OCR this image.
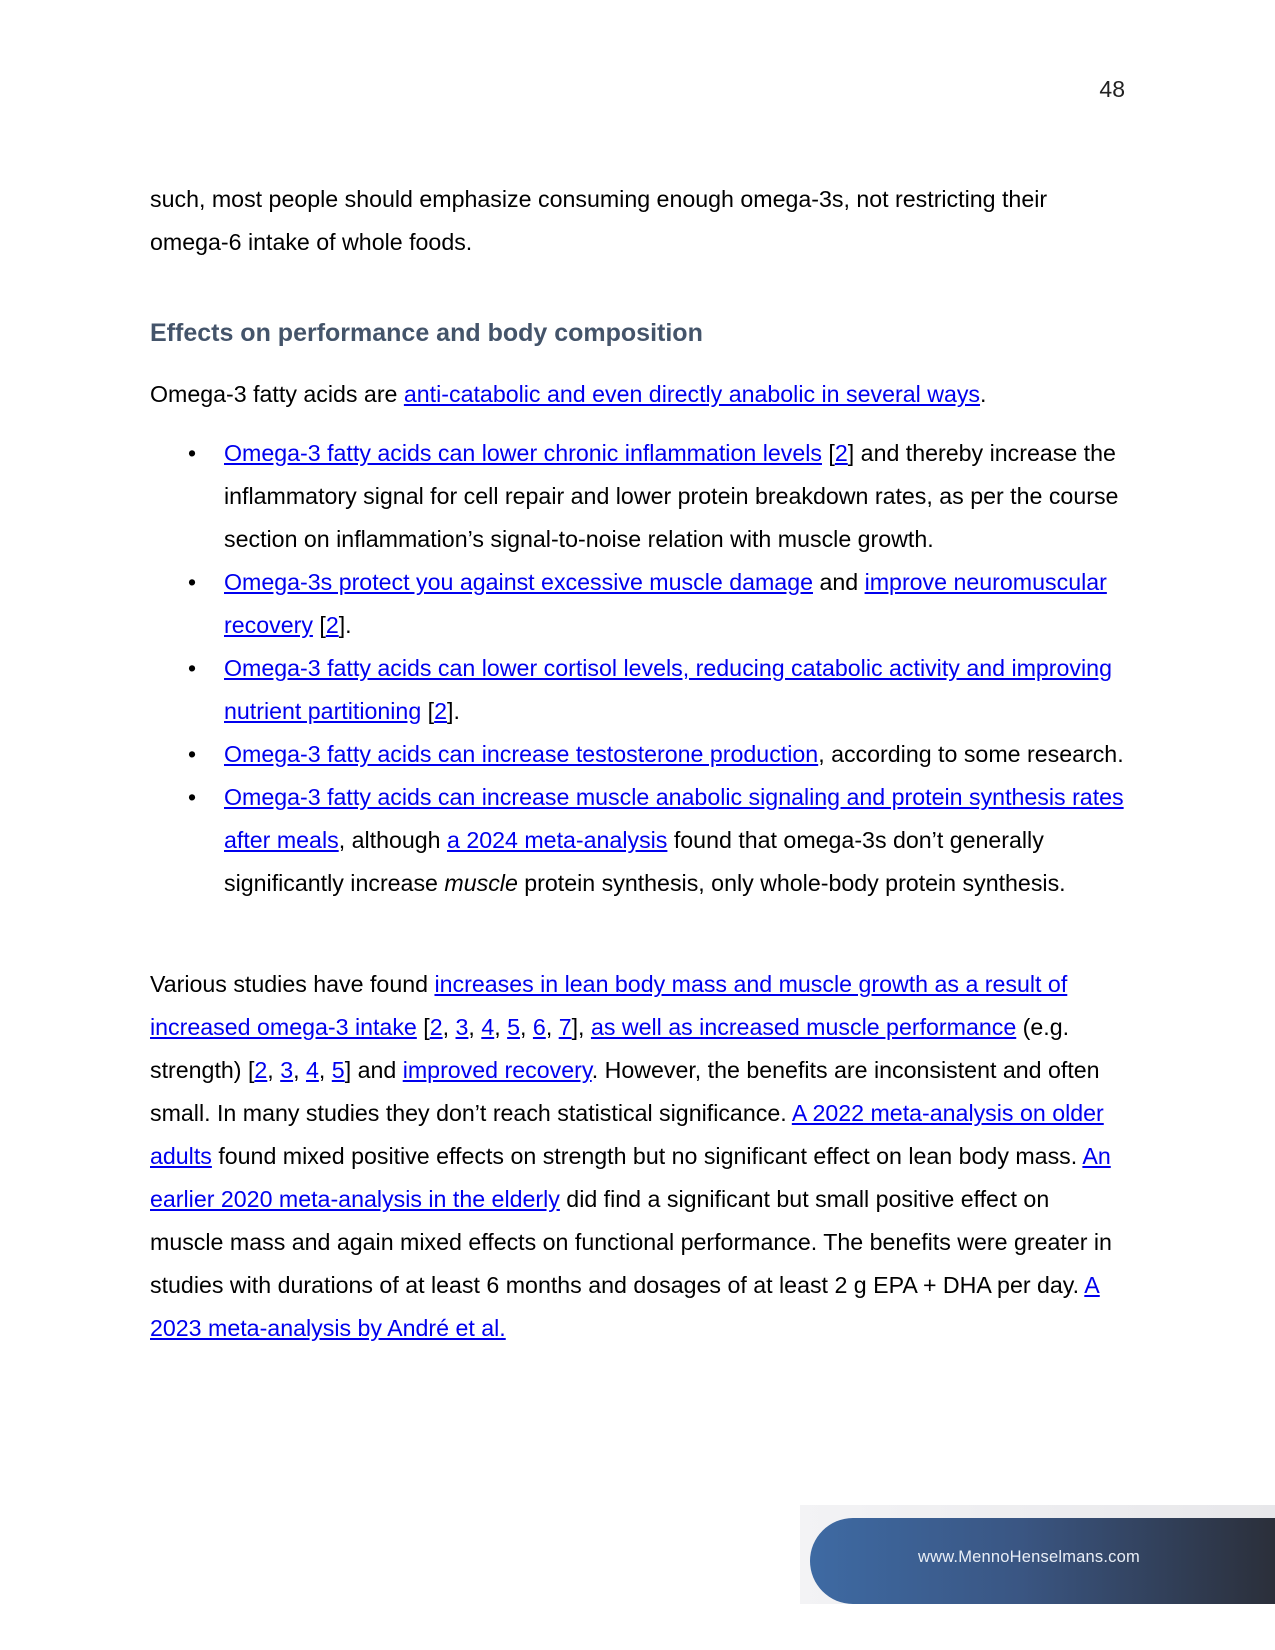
48

such, most people should emphasize consuming enough omega-3s, not restricting their omega-6 intake of whole foods.

Effects on performance and body composition

Omega-3 fatty acids are anti-catabolic and even directly anabolic in several ways.

• Omega-3 fatty acids can lower chronic inflammation levels [2] and thereby increase the inflammatory signal for cell repair and lower protein breakdown rates, as per the course section on inflammation’s signal-to-noise relation with muscle growth.
• Omega-3s protect you against excessive muscle damage and improve neuromuscular recovery [2].
• Omega-3 fatty acids can lower cortisol levels, reducing catabolic activity and improving nutrient partitioning [2].
• Omega-3 fatty acids can increase testosterone production, according to some research.
• Omega-3 fatty acids can increase muscle anabolic signaling and protein synthesis rates after meals, although a 2024 meta-analysis found that omega-3s don’t generally significantly increase muscle protein synthesis, only whole-body protein synthesis.

Various studies have found increases in lean body mass and muscle growth as a result of increased omega-3 intake [2, 3, 4, 5, 6, 7], as well as increased muscle performance (e.g. strength) [2, 3, 4, 5] and improved recovery. However, the benefits are inconsistent and often small. In many studies they don’t reach statistical significance. A 2022 meta-analysis on older adults found mixed positive effects on strength but no significant effect on lean body mass. An earlier 2020 meta-analysis in the elderly did find a significant but small positive effect on muscle mass and again mixed effects on functional performance. The benefits were greater in studies with durations of at least 6 months and dosages of at least 2 g EPA + DHA per day. A 2023 meta-analysis by André et al.

www.MennoHenselmans.com
